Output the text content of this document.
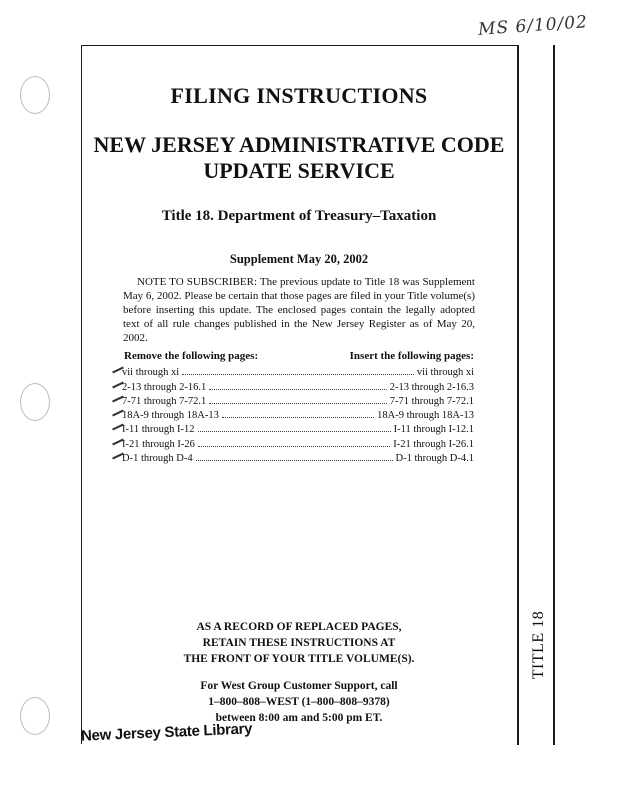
MS 6/10/02
FILING INSTRUCTIONS
NEW JERSEY ADMINISTRATIVE CODE
UPDATE SERVICE
Title 18. Department of Treasury–Taxation
Supplement May 20, 2002

NOTE TO SUBSCRIBER: The previous update to Title 18 was Supplement May 6, 2002. Please be certain that those pages are filed in your Title volume(s) before inserting this update. The enclosed pages contain the legally adopted text of all rule changes published in the New Jersey Register as of May 20, 2002.

Remove the following pages:	Insert the following pages:
vii through xi	vii through xi
2-13 through 2-16.1	2-13 through 2-16.3
7-71 through 7-72.1	7-71 through 7-72.1
18A-9 through 18A-13	18A-9 through 18A-13
I-11 through I-12	I-11 through I-12.1
I-21 through I-26	I-21 through I-26.1
D-1 through D-4	D-1 through D-4.1
AS A RECORD OF REPLACED PAGES,
RETAIN THESE INSTRUCTIONS AT
THE FRONT OF YOUR TITLE VOLUME(S).
For West Group Customer Support, call
1–800–808–WEST (1–800–808–9378)
between 8:00 am and 5:00 pm ET.
New Jersey State Library
TITLE 18
